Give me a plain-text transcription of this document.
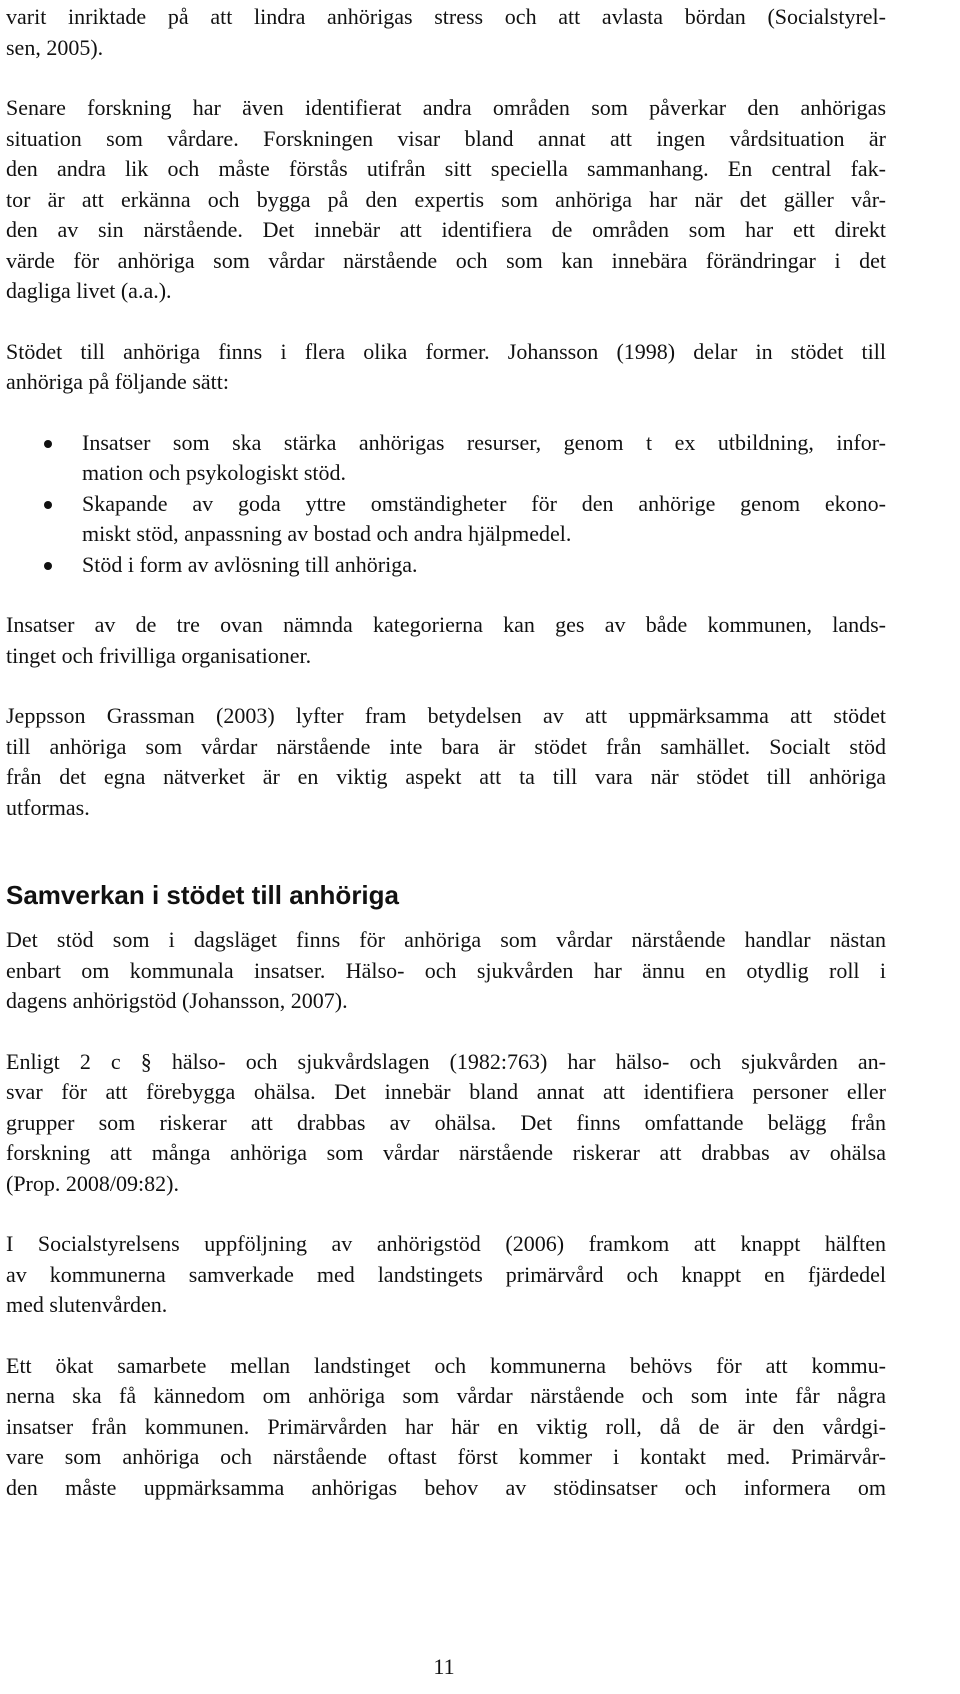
varit inriktade på att lindra anhörigas stress och att avlasta bördan (Socialstyrel-
sen, 2005).
Senare forskning har även identifierat andra områden som påverkar den anhörigas
situation som vårdare. Forskningen visar bland annat att ingen vårdsituation är
den andra lik och måste förstås utifrån sitt speciella sammanhang. En central fak-
tor är att erkänna och bygga på den expertis som anhöriga har när det gäller vår-
den av sin närstående. Det innebär att identifiera de områden som har ett direkt
värde för anhöriga som vårdar närstående och som kan innebära förändringar i det
dagliga livet (a.a.).
Stödet till anhöriga finns i flera olika former. Johansson (1998) delar in stödet till
anhöriga på följande sätt:
Insatser som ska stärka anhörigas resurser, genom t ex utbildning, infor-
mation och psykologiskt stöd.
Skapande av goda yttre omständigheter för den anhörige genom ekono-
miskt stöd, anpassning av bostad och andra hjälpmedel.
Stöd i form av avlösning till anhöriga.
Insatser av de tre ovan nämnda kategorierna kan ges av både kommunen, lands-
tinget och frivilliga organisationer.
Jeppsson Grassman (2003) lyfter fram betydelsen av att uppmärksamma att stödet
till anhöriga som vårdar närstående inte bara är stödet från samhället. Socialt stöd
från det egna nätverket är en viktig aspekt att ta till vara när stödet till anhöriga
utformas.
Samverkan i stödet till anhöriga
Det stöd som i dagsläget finns för anhöriga som vårdar närstående handlar nästan
enbart om kommunala insatser. Hälso- och sjukvården har ännu en otydlig roll i
dagens anhörigstöd (Johansson, 2007).
Enligt 2 c § hälso- och sjukvårdslagen (1982:763) har hälso- och sjukvården an-
svar för att förebygga ohälsa. Det innebär bland annat att identifiera personer eller
grupper som riskerar att drabbas av ohälsa. Det finns omfattande belägg från
forskning att många anhöriga som vårdar närstående riskerar att drabbas av ohälsa
(Prop. 2008/09:82).
I Socialstyrelsens uppföljning av anhörigstöd (2006) framkom att knappt hälften
av kommunerna samverkade med landstingets primärvård och knappt en fjärdedel
med slutenvården.
Ett ökat samarbete mellan landstinget och kommunerna behövs för att kommu-
nerna ska få kännedom om anhöriga som vårdar närstående och som inte får några
insatser från kommunen. Primärvården har här en viktig roll, då de är den vårdgi-
vare som anhöriga och närstående oftast först kommer i kontakt med. Primärvår-
den måste uppmärksamma anhörigas behov av stödinsatser och informera om
11
